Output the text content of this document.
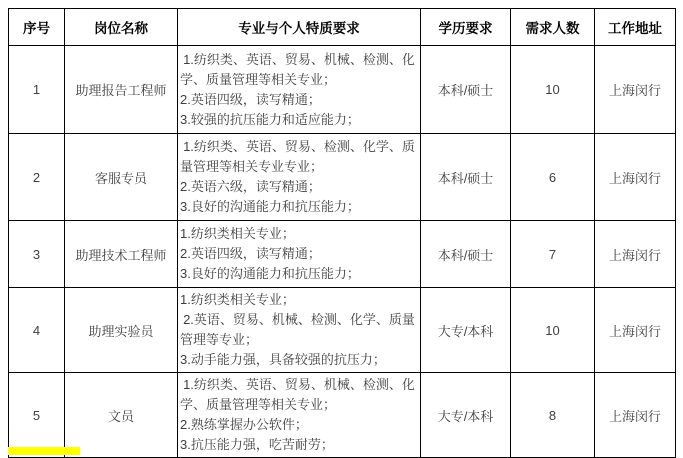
序号	岗位名称	专业与个人特质要求	学历要求	需求人数	工作地址
1	助理报告工程师	1.纺织类、英语、贸易、机械、检测、化学、质量管理等相关专业；
2.英语四级，读写精通；
3.较强的抗压能力和适应能力；	本科/硕士	10	上海闵行
2	客服专员	1.纺织类、英语、贸易、检测、化学、质量管理等相关专业专业；
2.英语六级，读写精通；
3.良好的沟通能力和抗压能力；	本科/硕士	6	上海闵行
3	助理技术工程师	1.纺织类相关专业；
2.英语四级，读写精通；
3.良好的沟通能力和抗压能力；	本科/硕士	7	上海闵行
4	助理实验员	1.纺织类相关专业；
2.英语、贸易、机械、检测、化学、质量管理等专业；
3.动手能力强，具备较强的抗压力；	大专/本科	10	上海闵行
5	文员	1.纺织类、英语、贸易、机械、检测、化学、质量管理等相关专业；
2.熟练掌握办公软件；
3.抗压能力强，吃苦耐劳；	大专/本科	8	上海闵行
